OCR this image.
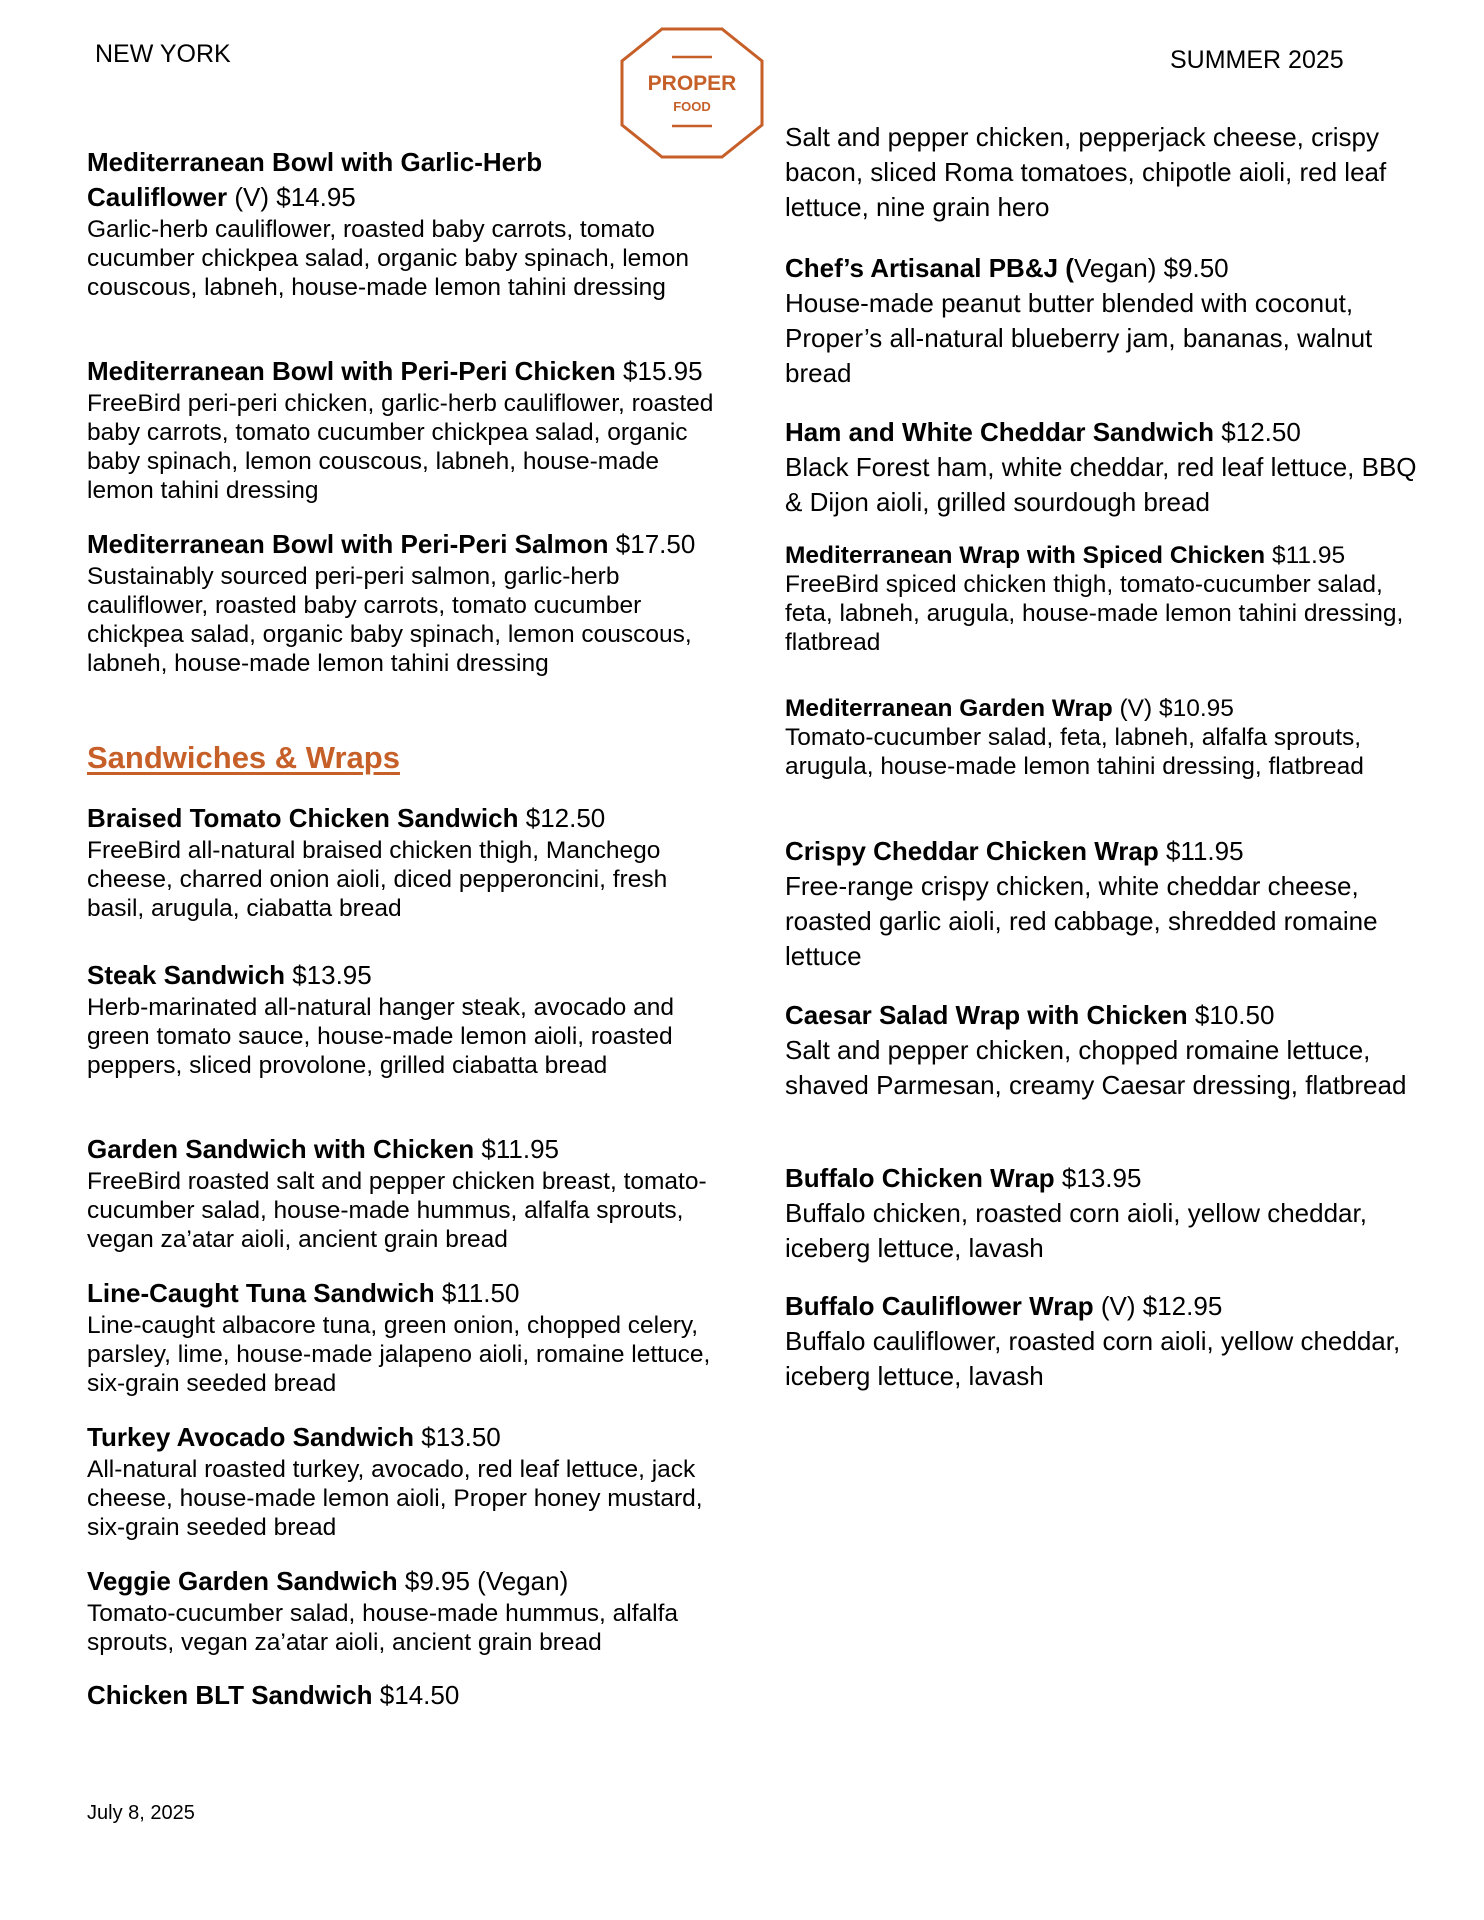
NEW YORK	SUMMER 2025
PROPER
FOOD
Mediterranean Bowl with Garlic-Herb
Cauliflower (V) $14.95
Garlic-herb cauliflower, roasted baby carrots, tomato cucumber chickpea salad, organic baby spinach, lemon couscous, labneh, house-made lemon tahini dressing
Mediterranean Bowl with Peri-Peri Chicken $15.95
FreeBird peri-peri chicken, garlic-herb cauliflower, roasted baby carrots, tomato cucumber chickpea salad, organic baby spinach, lemon couscous, labneh, house-made lemon tahini dressing
Mediterranean Bowl with Peri-Peri Salmon $17.50
Sustainably sourced peri-peri salmon, garlic-herb cauliflower, roasted baby carrots, tomato cucumber chickpea salad, organic baby spinach, lemon couscous, labneh, house-made lemon tahini dressing
Sandwiches & Wraps
Braised Tomato Chicken Sandwich $12.50
FreeBird all-natural braised chicken thigh, Manchego cheese, charred onion aioli, diced pepperoncini, fresh basil, arugula, ciabatta bread
Steak Sandwich $13.95
Herb-marinated all-natural hanger steak, avocado and green tomato sauce, house-made lemon aioli, roasted peppers, sliced provolone, grilled ciabatta bread
Garden Sandwich with Chicken $11.95
FreeBird roasted salt and pepper chicken breast, tomato-cucumber salad, house-made hummus, alfalfa sprouts, vegan za’atar aioli, ancient grain bread
Line-Caught Tuna Sandwich $11.50
Line-caught albacore tuna, green onion, chopped celery, parsley, lime, house-made jalapeno aioli, romaine lettuce, six-grain seeded bread
Turkey Avocado Sandwich $13.50
All-natural roasted turkey, avocado, red leaf lettuce, jack cheese, house-made lemon aioli, Proper honey mustard, six-grain seeded bread
Veggie Garden Sandwich $9.95 (Vegan)
Tomato-cucumber salad, house-made hummus, alfalfa sprouts, vegan za’atar aioli, ancient grain bread
Chicken BLT Sandwich $14.50
Salt and pepper chicken, pepperjack cheese, crispy bacon, sliced Roma tomatoes, chipotle aioli, red leaf lettuce, nine grain hero
Chef’s Artisanal PB&J (Vegan) $9.50
House-made peanut butter blended with coconut, Proper’s all-natural blueberry jam, bananas, walnut bread
Ham and White Cheddar Sandwich $12.50
Black Forest ham, white cheddar, red leaf lettuce, BBQ & Dijon aioli, grilled sourdough bread
Mediterranean Wrap with Spiced Chicken $11.95
FreeBird spiced chicken thigh, tomato-cucumber salad, feta, labneh, arugula, house-made lemon tahini dressing, flatbread
Mediterranean Garden Wrap (V) $10.95
Tomato-cucumber salad, feta, labneh, alfalfa sprouts, arugula, house-made lemon tahini dressing, flatbread
Crispy Cheddar Chicken Wrap $11.95
Free-range crispy chicken, white cheddar cheese, roasted garlic aioli, red cabbage, shredded romaine lettuce
Caesar Salad Wrap with Chicken $10.50
Salt and pepper chicken, chopped romaine lettuce, shaved Parmesan, creamy Caesar dressing, flatbread
Buffalo Chicken Wrap $13.95
Buffalo chicken, roasted corn aioli, yellow cheddar, iceberg lettuce, lavash
Buffalo Cauliflower Wrap (V) $12.95
Buffalo cauliflower, roasted corn aioli, yellow cheddar, iceberg lettuce, lavash
July 8, 2025
